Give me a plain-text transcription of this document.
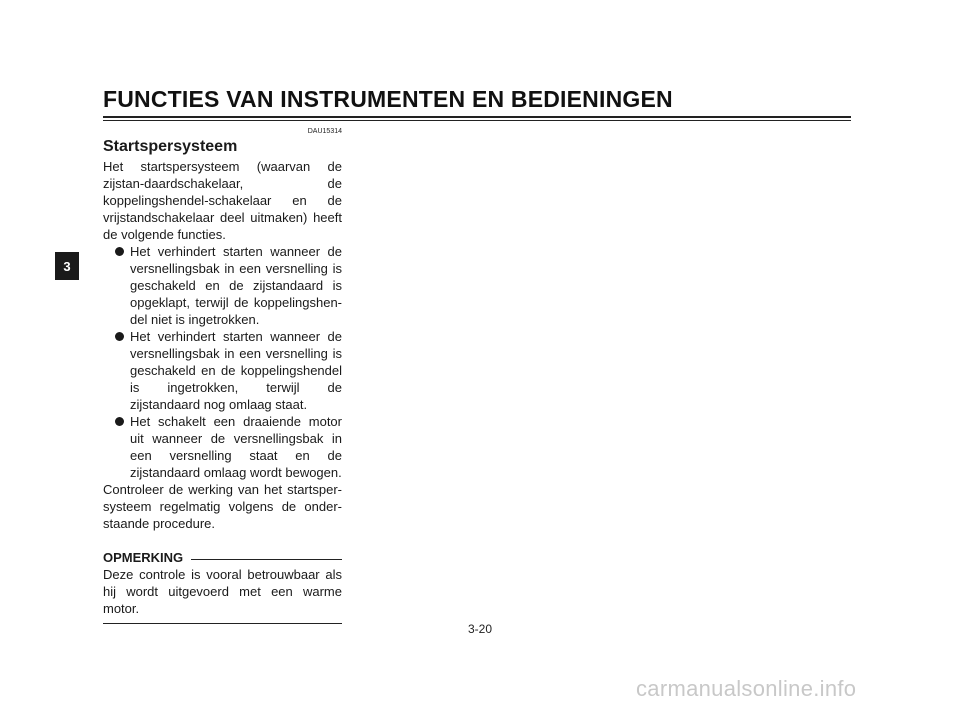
FUNCTIES VAN INSTRUMENTEN EN BEDIENINGEN
3
DAU15314
Startspersysteem

Het startspersysteem (waarvan de zijstan-daardschakelaar, de koppelingshendel-schakelaar en de vrijstandschakelaar deel uitmaken) heeft de volgende functies.

Het verhindert starten wanneer de versnellingsbak in een versnelling is geschakeld en de zijstandaard is opgeklapt, terwijl de koppelingshen-del niet is ingetrokken.
Het verhindert starten wanneer de versnellingsbak in een versnelling is geschakeld en de koppelingshendel is ingetrokken, terwijl de zijstandaard nog omlaag staat.
Het schakelt een draaiende motor uit wanneer de versnellingsbak in een versnelling staat en de zijstandaard omlaag wordt bewogen.

Controleer de werking van het startsper-systeem regelmatig volgens de onder-staande procedure.

OPMERKING

Deze controle is vooral betrouwbaar als hij wordt uitgevoerd met een warme motor.

3-20
carmanualsonline.info
